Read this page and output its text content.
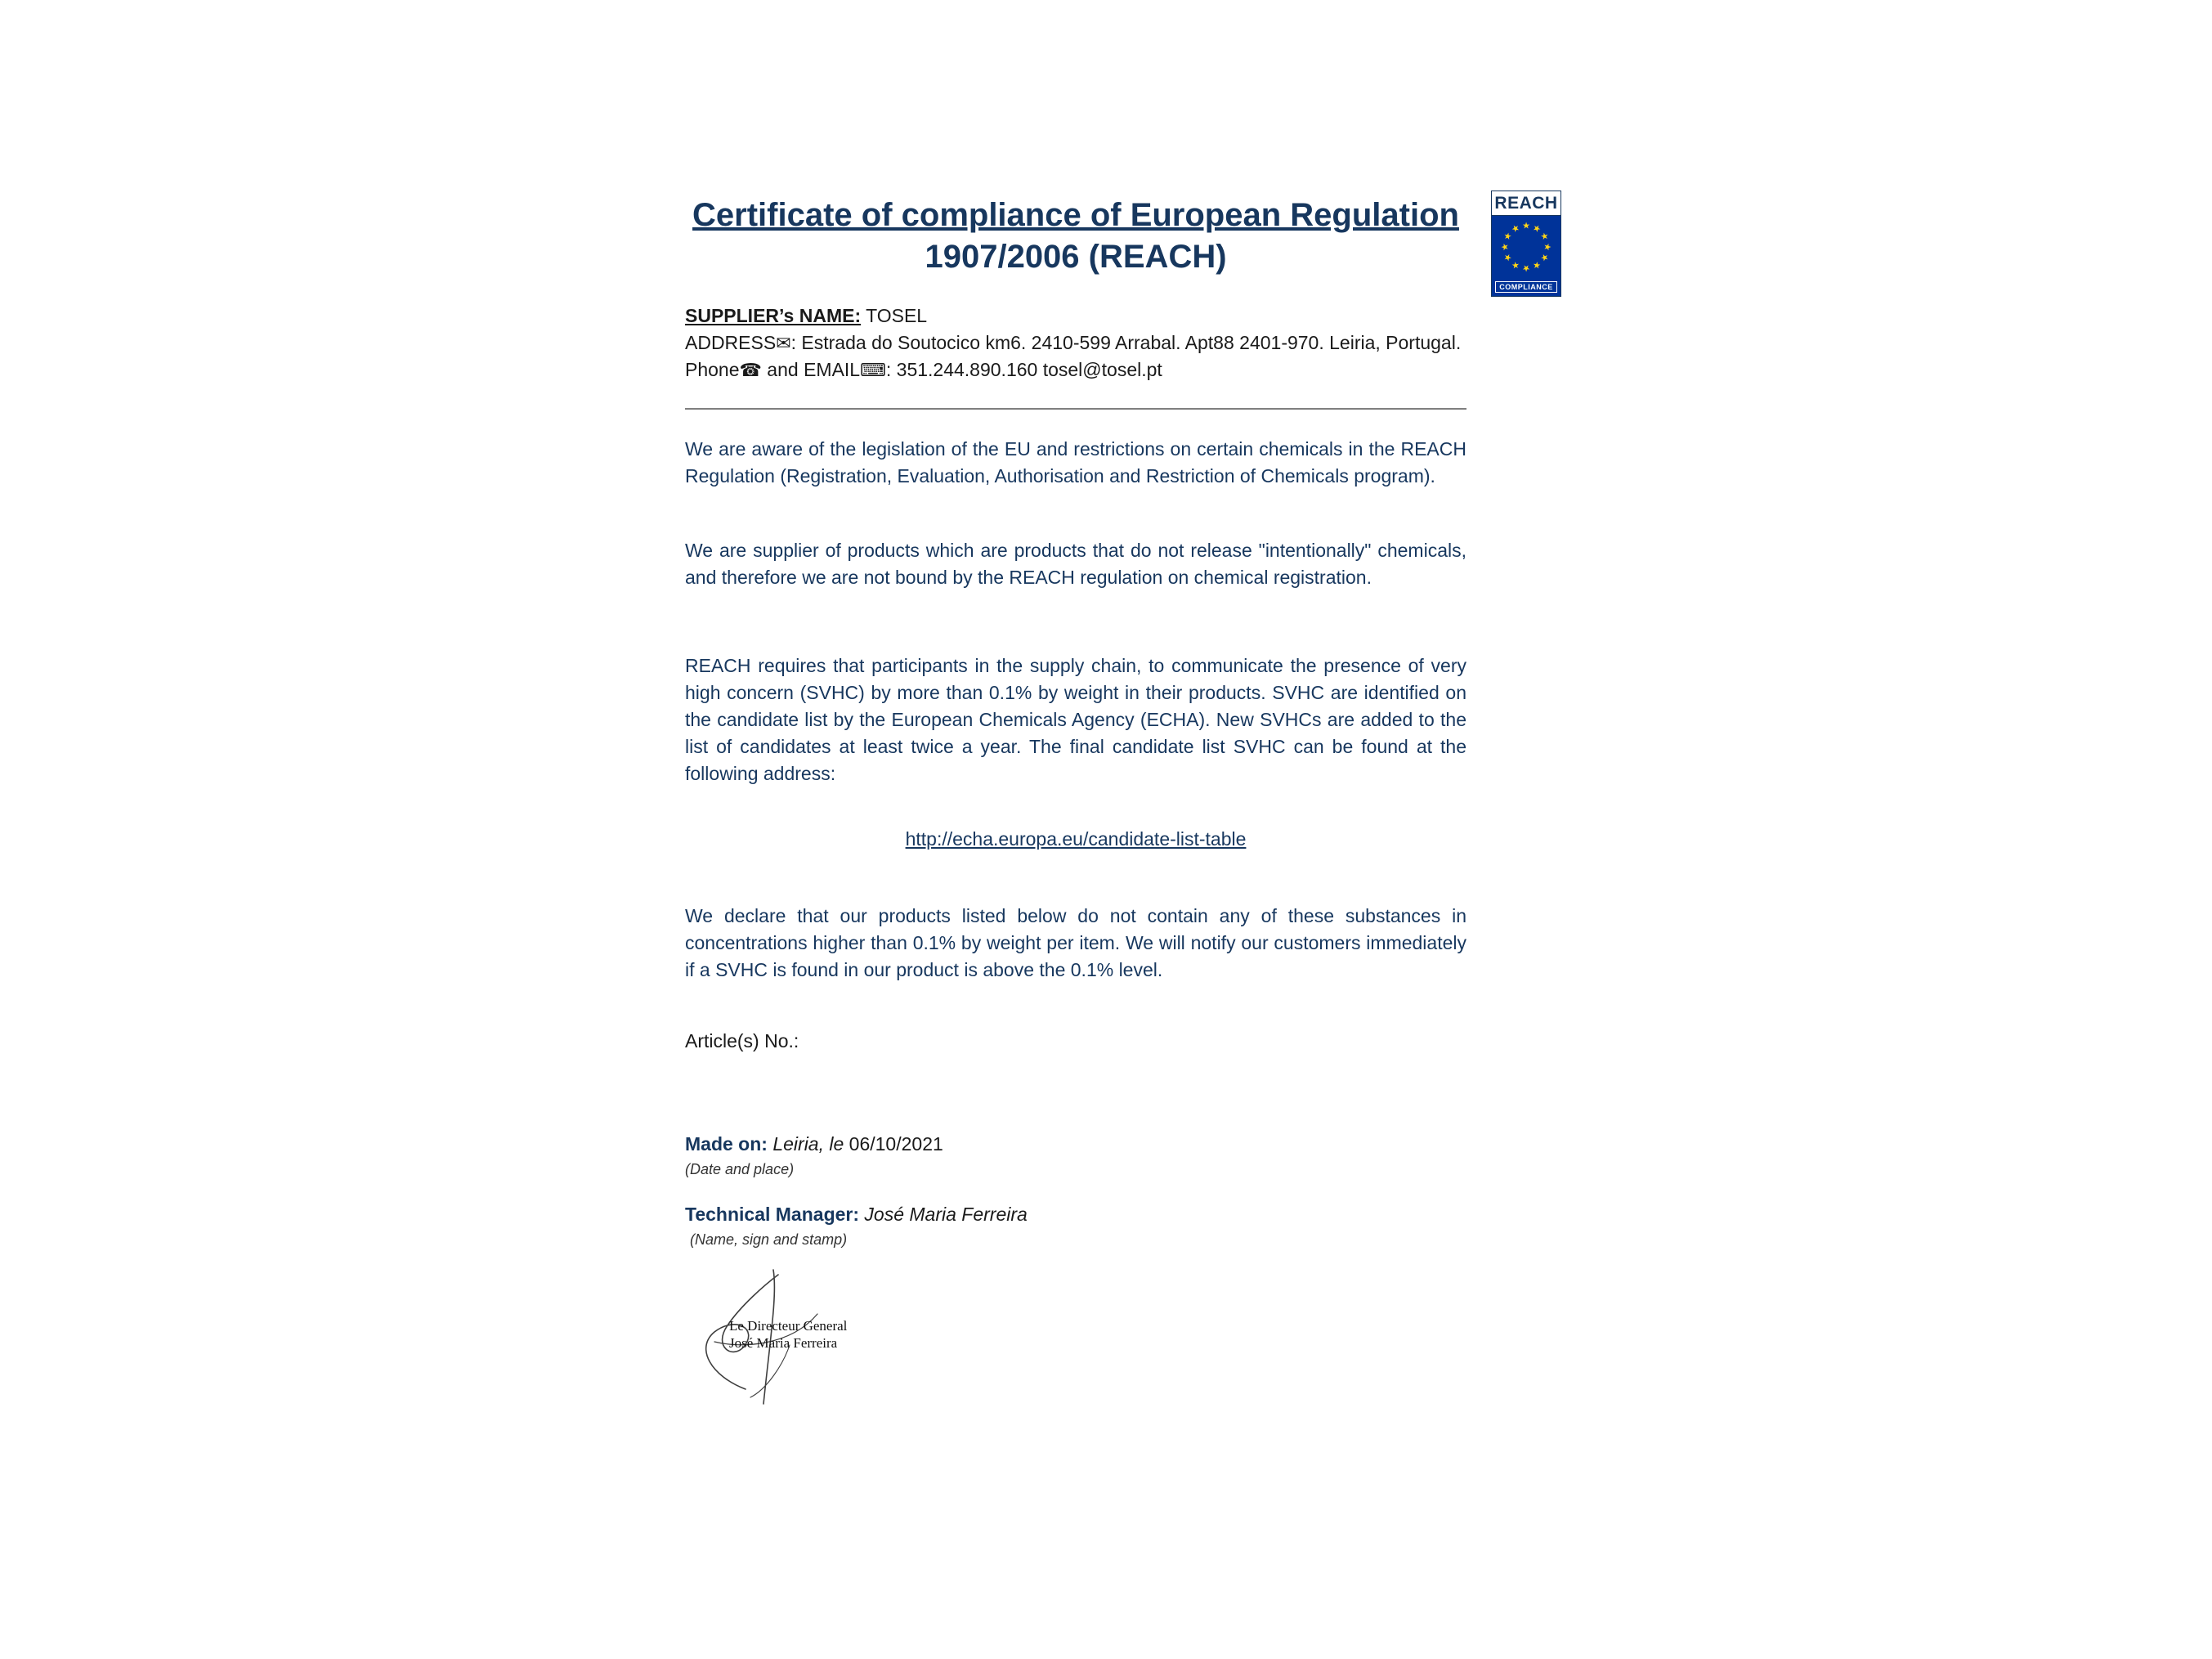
REACH
★ ★
★
★
★
★
★
★
★
★
★
★
COMPLIANCE
Certificate of compliance of European Regulation
1907/2006 (REACH)
SUPPLIER’s NAME: TOSEL
ADDRESS✉: Estrada do Soutocico km6. 2410-599 Arrabal. Apt88 2401-970. Leiria, Portugal.
Phone☎ and EMAIL⌨: 351.244.890.160 tosel@tosel.pt

We are aware of the legislation of the EU and restrictions on certain chemicals in the REACH Regulation (Registration, Evaluation, Authorisation and Restriction of Chemicals program).

We are supplier of products which are products that do not release "intentionally" chemicals, and therefore we are not bound by the REACH regulation on chemical registration.

REACH requires that participants in the supply chain, to communicate the presence of very high concern (SVHC) by more than 0.1% by weight in their products. SVHC are identified on the candidate list by the European Chemicals Agency (ECHA). New SVHCs are added to the list of candidates at least twice a year. The final candidate list SVHC can be found at the following address:

http://echa.europa.eu/candidate-list-table

We declare that our products listed below do not contain any of these substances in concentrations higher than 0.1% by weight per item. We will notify our customers immediately if a SVHC is found in our product is above the 0.1% level.

Article(s) No.:
Made on: Leiria, le 06/10/2021
(Date and place)
Technical Manager: José Maria Ferreira
(Name, sign and stamp)
Le Directeur General
José Maria Ferreira
